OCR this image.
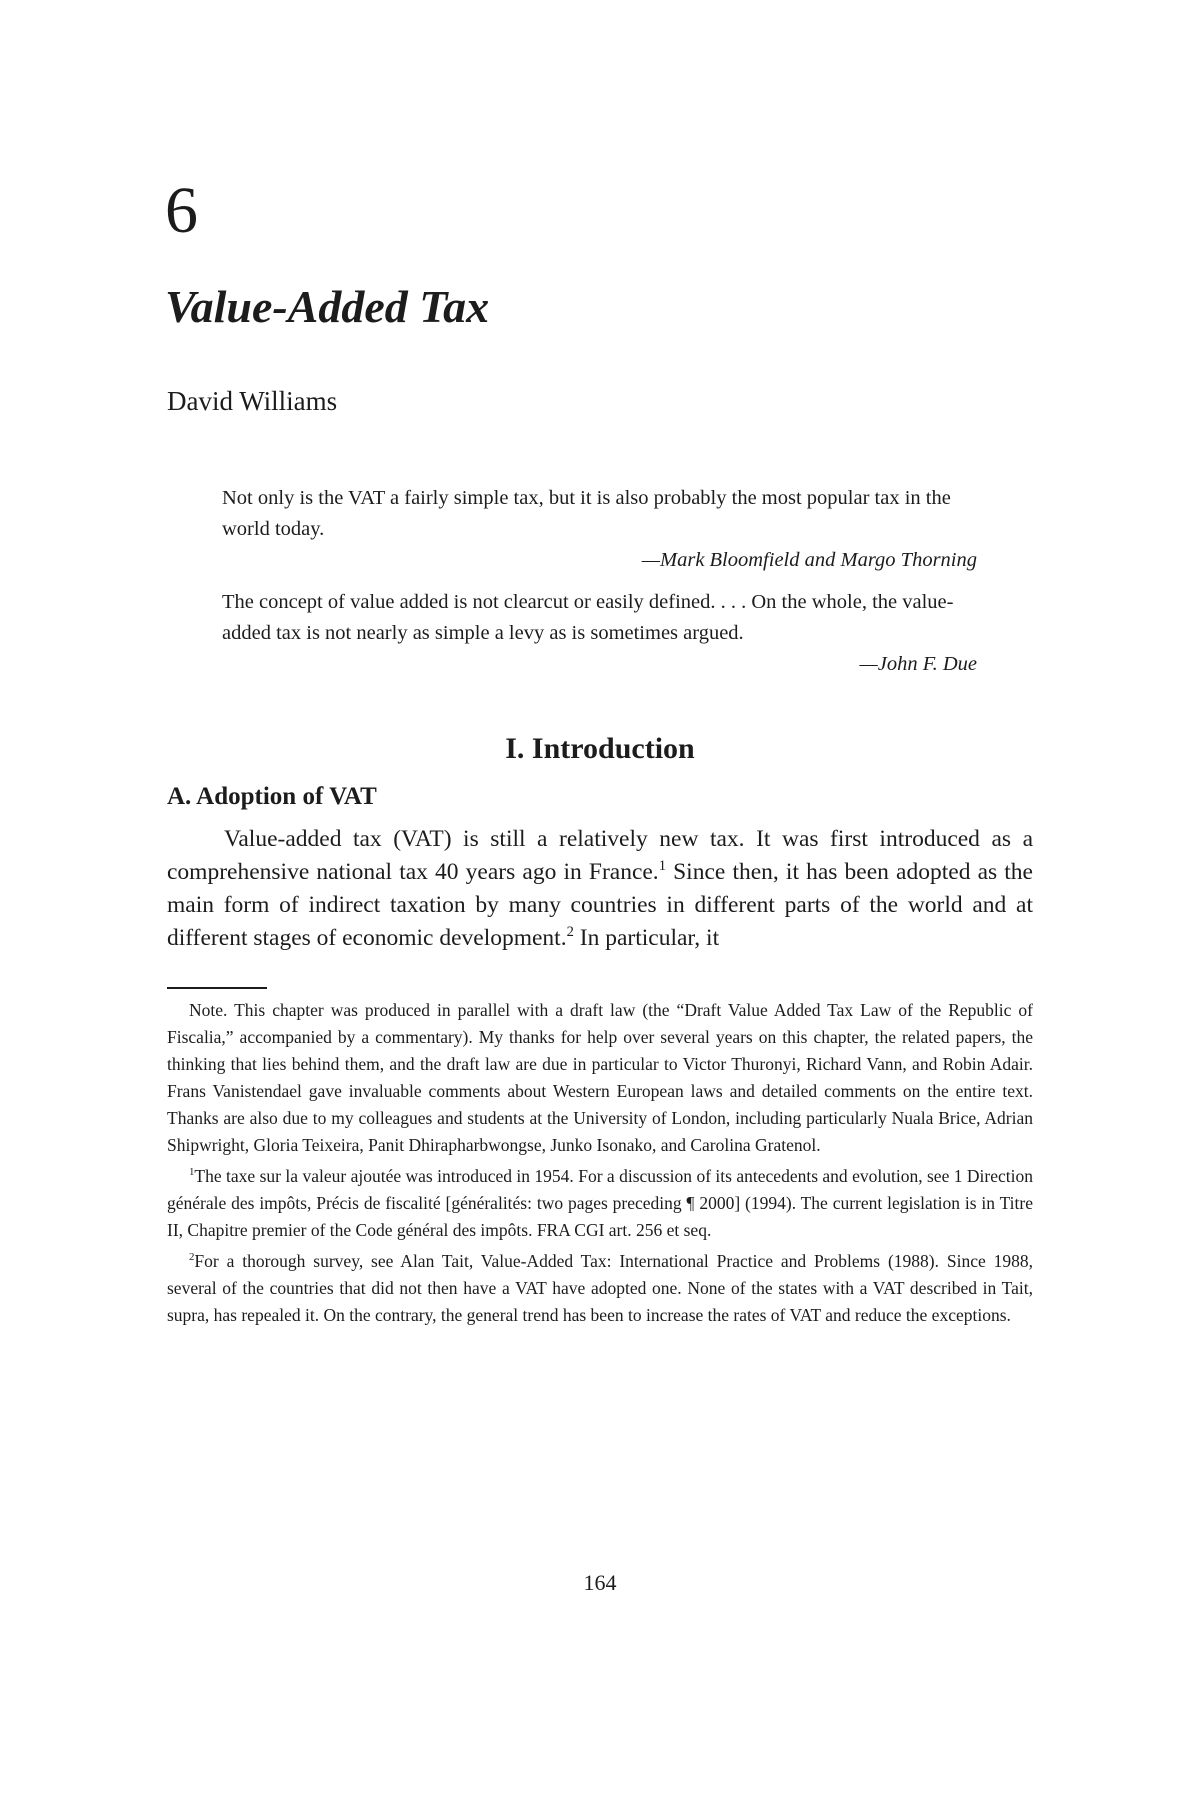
6
Value-Added Tax
David Williams

Not only is the VAT a fairly simple tax, but it is also probably the most popular tax in the world today.

—Mark Bloomfield and Margo Thorning

The concept of value added is not clearcut or easily defined. . . . On the whole, the value-added tax is not nearly as simple a levy as is sometimes argued.

—John F. Due

I. Introduction
A. Adoption of VAT

Value-added tax (VAT) is still a relatively new tax. It was first introduced as a comprehensive national tax 40 years ago in France.$^1$ Since then, it has been adopted as the main form of indirect taxation by many countries in different parts of the world and at different stages of economic development.$^2$ In particular, it

Note. This chapter was produced in parallel with a draft law (the “Draft Value Added Tax Law of the Republic of Fiscalia,” accompanied by a commentary). My thanks for help over several years on this chapter, the related papers, the thinking that lies behind them, and the draft law are due in particular to Victor Thuronyi, Richard Vann, and Robin Adair. Frans Vanistendael gave invaluable comments about Western European laws and detailed comments on the entire text. Thanks are also due to my colleagues and students at the University of London, including particularly Nuala Brice, Adrian Shipwright, Gloria Teixeira, Panit Dhirapharbwongse, Junko Isonako, and Carolina Gratenol.

$^1$The taxe sur la valeur ajoutée was introduced in 1954. For a discussion of its antecedents and evolution, see 1 Direction générale des impôts, Précis de fiscalité [généralités: two pages preceding ¶ 2000] (1994). The current legislation is in Titre II, Chapitre premier of the Code général des impôts. FRA CGI art. 256 et seq.

$^2$For a thorough survey, see Alan Tait, Value-Added Tax: International Practice and Problems (1988). Since 1988, several of the countries that did not then have a VAT have adopted one. None of the states with a VAT described in Tait, supra, has repealed it. On the contrary, the general trend has been to increase the rates of VAT and reduce the exceptions.

164
